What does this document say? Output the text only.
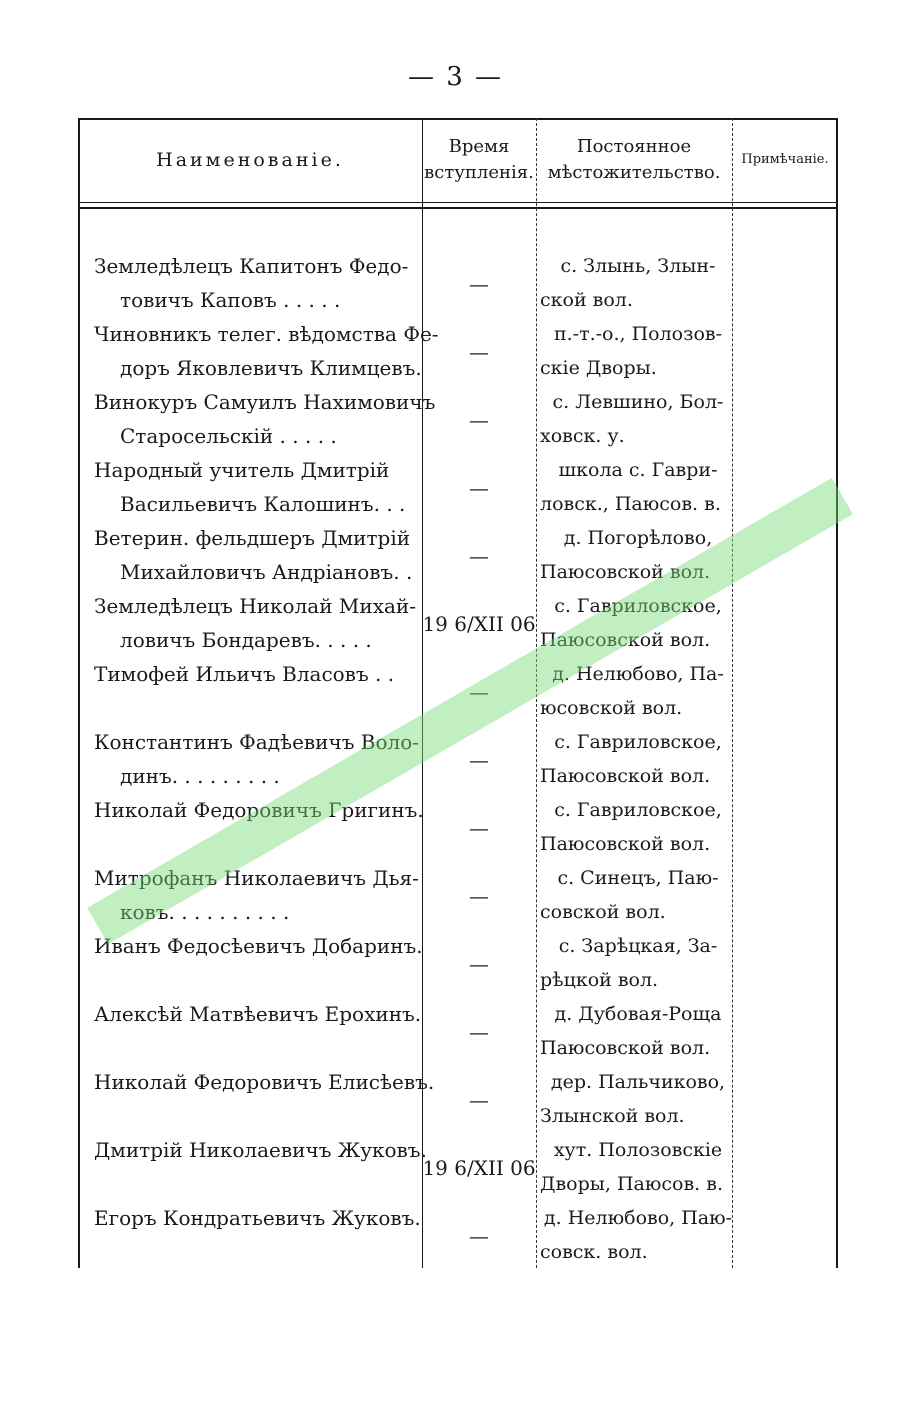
— 3 —
Наименованіе.
Время вступленія.
Постоянное мѣстожительство.
Примѣчаніе.
Земледѣлецъ Капитонъ Федо-
товичъ Каповъ . . . . .
—
с. Злынь, Злын-
ской вол.
Чиновникъ телег. вѣдомства Фе-
доръ Яковлевичъ Климцевъ.
—
п.-т.-о., Полозов-
скіе Дворы.
Винокуръ Самуилъ Нахимовичъ
Старосельскій . . . . .
—
с. Левшино, Бол-
ховск. у.
Народный учитель Дмитрій
Васильевичъ Калошинъ. . .
—
школа с. Гаври-
ловск., Паюсов. в.
Ветерин. фельдшеръ Дмитрій
Михайловичъ Андріановъ. .
—
д. Погорѣлово,
Паюсовской вол.
Земледѣлецъ Николай Михай-
ловичъ Бондаревъ. . . . .
19 6/XII 06
с. Гавриловское,
Паюсовской вол.
Тимофей Ильичъ Власовъ . .
—
д. Нелюбово, Па-
юсовской вол.
Константинъ Фадѣевичъ Воло-
динъ. . . . . . . . .
—
с. Гавриловское,
Паюсовской вол.
Николай Федоровичъ Григинъ.
—
с. Гавриловское,
Паюсовской вол.
Митрофанъ Николаевичъ Дья-
ковъ. . . . . . . . . .
—
с. Синецъ, Паю-
совской вол.
Иванъ Федосѣевичъ Добаринъ.
—
с. Зарѣцкая, За-
рѣцкой вол.
Алексѣй Матвѣевичъ Ерохинъ.
—
д. Дубовая-Роща
Паюсовской вол.
Николай Федоровичъ Елисѣевъ.
—
дер. Пальчиково,
Злынской вол.
Дмитрій Николаевичъ Жуковъ.
19 6/XII 06
хут. Полозовскіе
Дворы, Паюсов. в.
Егоръ Кондратьевичъ Жуковъ.
—
д. Нелюбово, Паю-
совск. вол.
